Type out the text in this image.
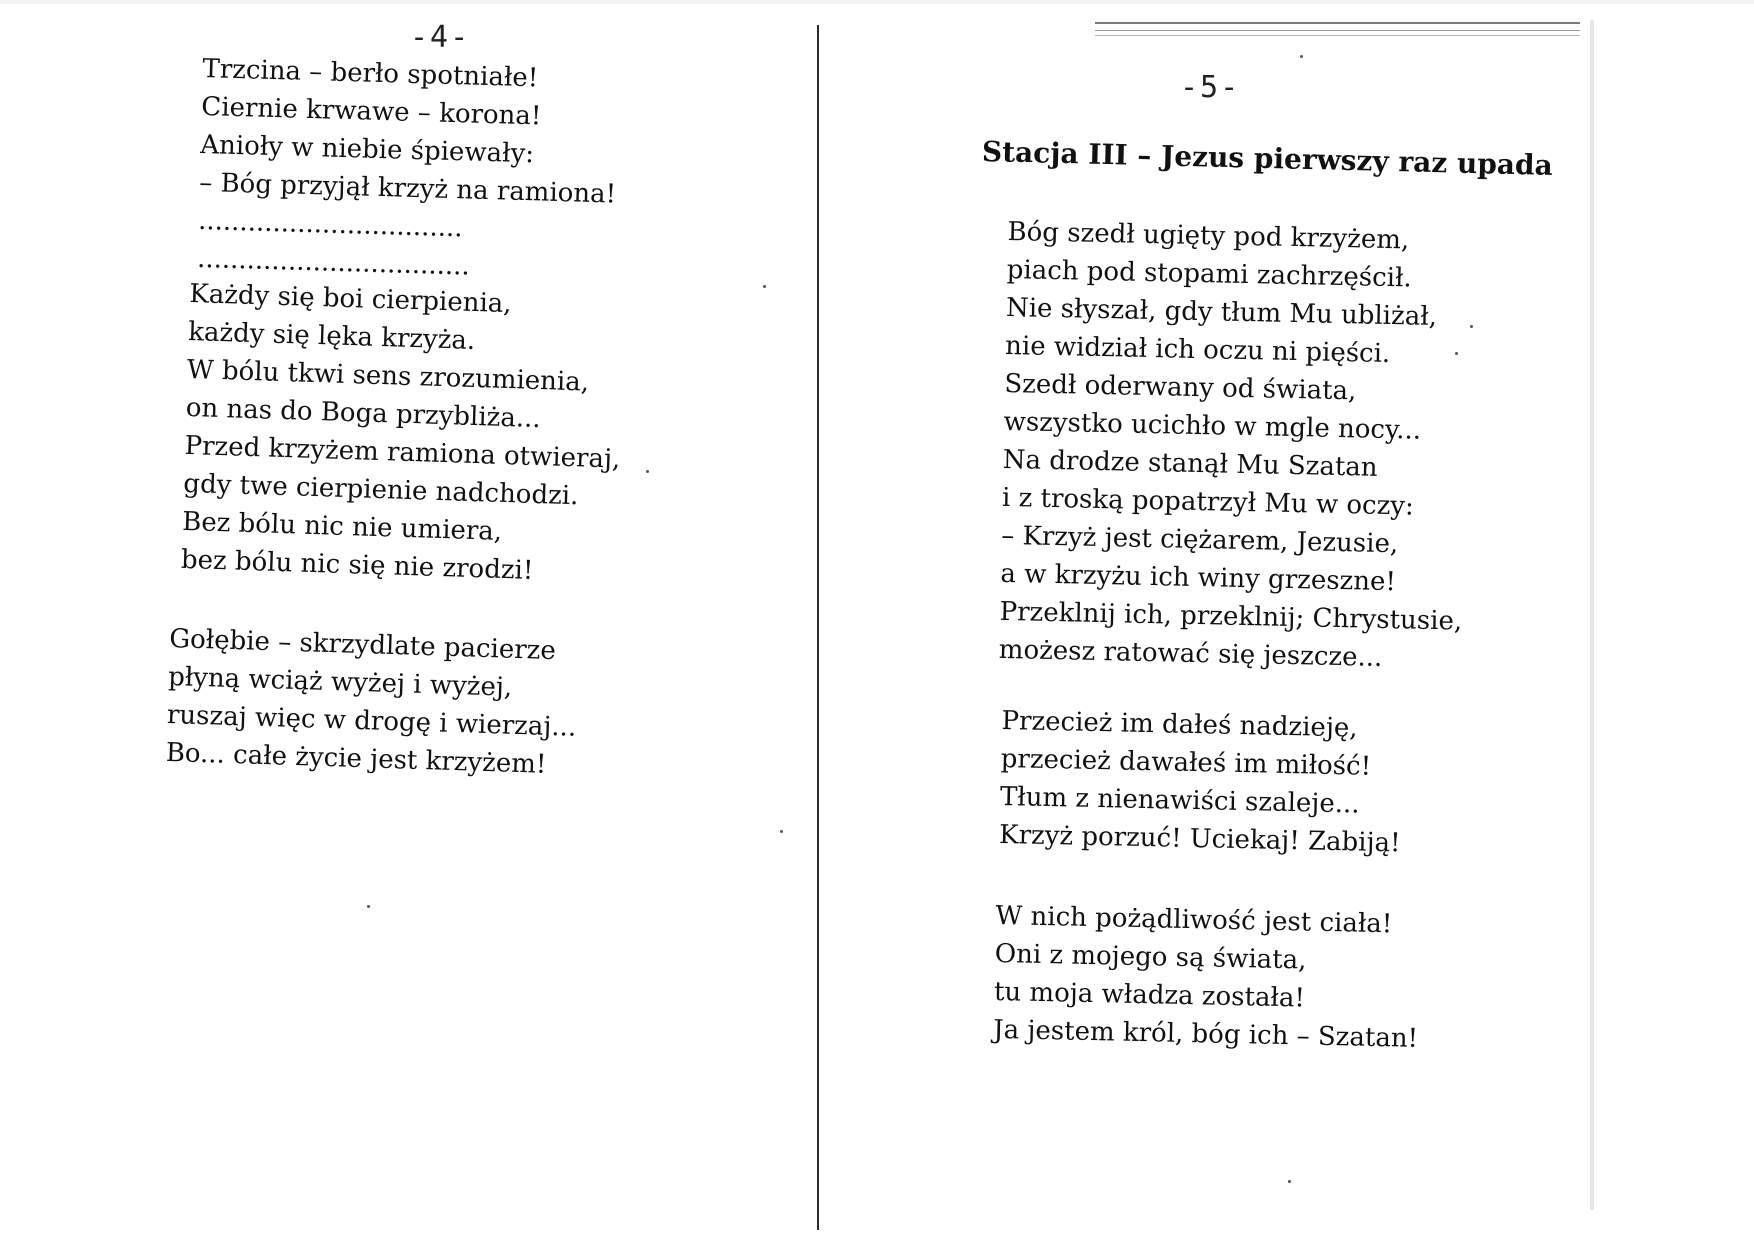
-4-
Trzcina – berło spotniałe!
Ciernie krwawe – korona!
Anioły w niebie śpiewały:
– Bóg przyjął krzyż na ramiona!
................................
.................................
Każdy się boi cierpienia,
każdy się lęka krzyża.
W bólu tkwi sens zrozumienia,
on nas do Boga przybliża...
Przed krzyżem ramiona otwieraj,
gdy twe cierpienie nadchodzi.
Bez bólu nic nie umiera,
bez bólu nic się nie zrodzi!
Gołębie – skrzydlate pacierze
płyną wciąż wyżej i wyżej,
ruszaj więc w drogę i wierzaj...
Bo... całe życie jest krzyżem!
-5-
Stacja III – Jezus pierwszy raz upada
Bóg szedł ugięty pod krzyżem,
piach pod stopami zachrzęścił.
Nie słyszał, gdy tłum Mu ubliżał,
nie widział ich oczu ni pięści.
Szedł oderwany od świata,
wszystko ucichło w mgle nocy...
Na drodze stanął Mu Szatan
i z troską popatrzył Mu w oczy:
– Krzyż jest ciężarem, Jezusie,
a w krzyżu ich winy grzeszne!
Przeklnij ich, przeklnij; Chrystusie,
możesz ratować się jeszcze...
Przecież im dałeś nadzieję,
przecież dawałeś im miłość!
Tłum z nienawiści szaleje...
Krzyż porzuć! Uciekaj! Zabiją!
W nich pożądliwość jest ciała!
Oni z mojego są świata,
tu moja władza została!
Ja jestem król, bóg ich – Szatan!
